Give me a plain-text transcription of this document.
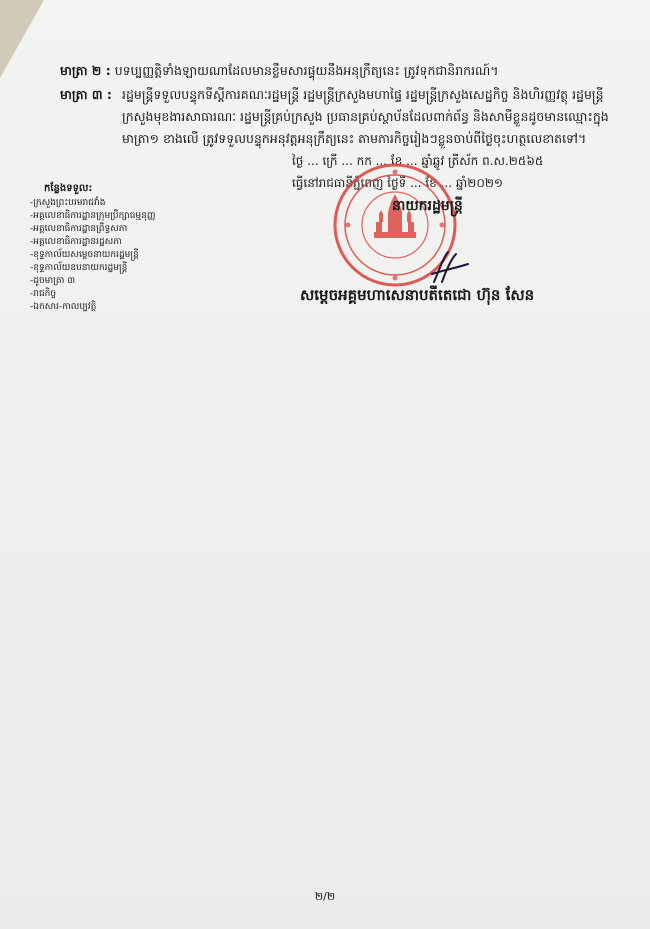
មាត្រា ២ : បទប្បញ្ញត្តិទាំងឡាយណាដែលមានខ្លឹមសារផ្ទុយនឹងអនុក្រឹត្យនេះ ត្រូវទុកជានិរាករណ៍។
មាត្រា ៣ : រដ្ឋមន្ត្រីទទួលបន្ទុកទីស្តីការគណៈរដ្ឋមន្ត្រី រដ្ឋមន្ត្រីក្រសួងមហាផ្ទៃ រដ្ឋមន្ត្រីក្រសួងសេដ្ឋកិច្ច និងហិរញ្ញវត្ថុ រដ្ឋមន្ត្រីក្រសួងមុខងារសាធារណៈ រដ្ឋមន្ត្រីគ្រប់ក្រសួង ប្រធានគ្រប់ស្ថាប័នដែលពាក់ព័ន្ធ និងសាមីខ្លួនដូចមានឈ្មោះក្នុងមាត្រា១ ខាងលើ ត្រូវទទួលបន្ទុកអនុវត្តអនុក្រឹត្យនេះ តាមភារកិច្ចរៀងៗខ្លួនចាប់ពីថ្ងៃចុះហត្ថលេខាតទៅ។
ថ្ងៃ ... ក្រើ ... កក ... ខែ ... ឆ្នាំឆ្លូវ ត្រីស័ក ព.ស.២៥៦៥
ធ្វើនៅរាជធានីភ្នំពេញ ថ្ងៃទី ... ខែ ... ឆ្នាំ២០២១
នាយករដ្ឋមន្ត្រី
សម្តេចអគ្គមហាសេនាបតីតេជោ ហ៊ុន សែន
កន្លែងទទួល:
-ក្រសួងព្រះបរមរាជវាំង
-អគ្គលេខាធិការដ្ឋានក្រុមប្រឹក្សាធម្មនុញ្ញ
-អគ្គលេខាធិការដ្ឋានព្រឹទ្ធសភា
-អគ្គលេខាធិការដ្ឋានរដ្ឋសភា
-ខុទ្ទកាល័យសម្តេចនាយករដ្ឋមន្ត្រី
-ខុទ្ទកាល័យឧបនាយករដ្ឋមន្ត្រី
-ដូចមាត្រា ៣
-រាជកិច្ច
-ឯកសារ-កាលប្បវត្តិ
២/២
